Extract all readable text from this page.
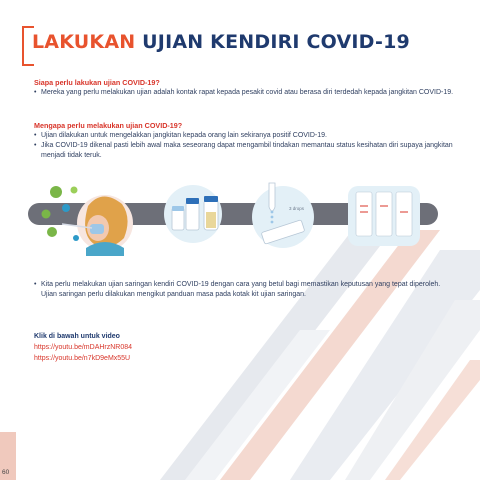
LAKUKAN UJIAN KENDIRI COVID-19
Siapa perlu lakukan ujian COVID-19?
• Mereka yang perlu melakukan ujian adalah kontak rapat kepada pesakit covid atau berasa diri terdedah kepada jangkitan COVID-19.
Mengapa perlu melakukan ujian COVID-19?
• Ujian dilakukan untuk mengelakkan jangkitan kepada orang lain sekiranya positif COVID-19.
• Jika COVID-19 dikenal pasti lebih awal maka seseorang dapat mengambil tindakan memantau status kesihatan diri supaya jangkitan menjadi tidak teruk.
3 drops
• Kita perlu melakukan ujian saringan kendiri COVID-19 dengan cara yang betul bagi memastikan keputusan yang tepat diperoleh. Ujian saringan perlu dilakukan mengikut panduan masa pada kotak kit ujian saringan.
Klik di bawah untuk video
https://youtu.be/mDAHrzNR084
https://youtu.be/n7kD9eMx55U
60
